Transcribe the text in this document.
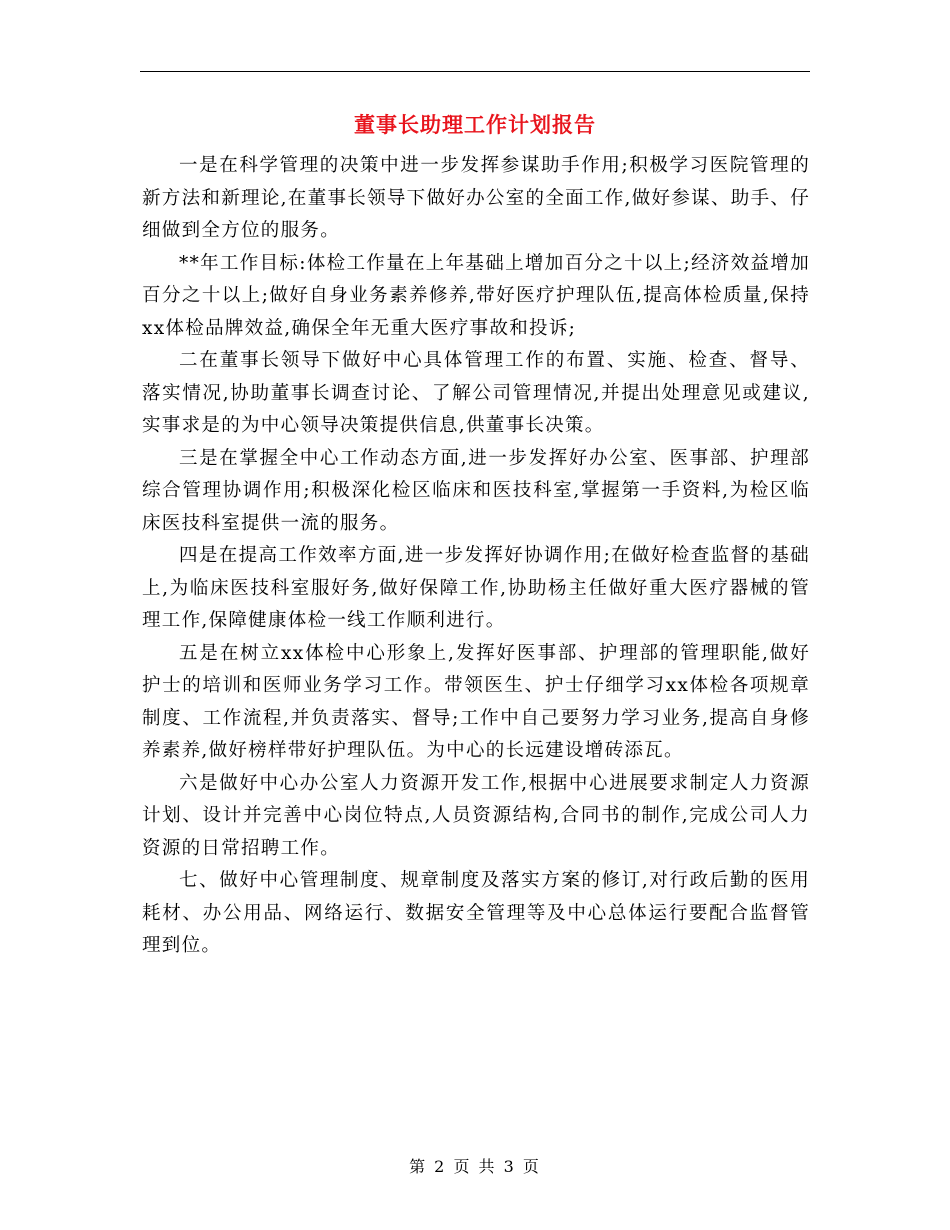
董事长助理工作计划报告

一是在科学管理的决策中进一步发挥参谋助手作用;积极学习医院管理的新方法和新理论,在董事长领导下做好办公室的全面工作,做好参谋、助手、仔细做到全方位的服务。

**年工作目标:体检工作量在上年基础上增加百分之十以上;经济效益增加百分之十以上;做好自身业务素养修养,带好医疗护理队伍,提高体检质量,保持xx体检品牌效益,确保全年无重大医疗事故和投诉;

二在董事长领导下做好中心具体管理工作的布置、实施、检查、督导、落实情况,协助董事长调查讨论、了解公司管理情况,并提出处理意见或建议,实事求是的为中心领导决策提供信息,供董事长决策。

三是在掌握全中心工作动态方面,进一步发挥好办公室、医事部、护理部综合管理协调作用;积极深化检区临床和医技科室,掌握第一手资料,为检区临床医技科室提供一流的服务。

四是在提高工作效率方面,进一步发挥好协调作用;在做好检查监督的基础上,为临床医技科室服好务,做好保障工作,协助杨主任做好重大医疗器械的管理工作,保障健康体检一线工作顺利进行。

五是在树立xx体检中心形象上,发挥好医事部、护理部的管理职能,做好护士的培训和医师业务学习工作。带领医生、护士仔细学习xx体检各项规章制度、工作流程,并负责落实、督导;工作中自己要努力学习业务,提高自身修养素养,做好榜样带好护理队伍。为中心的长远建设增砖添瓦。

六是做好中心办公室人力资源开发工作,根据中心进展要求制定人力资源计划、设计并完善中心岗位特点,人员资源结构,合同书的制作,完成公司人力资源的日常招聘工作。

七、做好中心管理制度、规章制度及落实方案的修订,对行政后勤的医用耗材、办公用品、网络运行、数据安全管理等及中心总体运行要配合监督管理到位。

第 2 页 共 3 页
